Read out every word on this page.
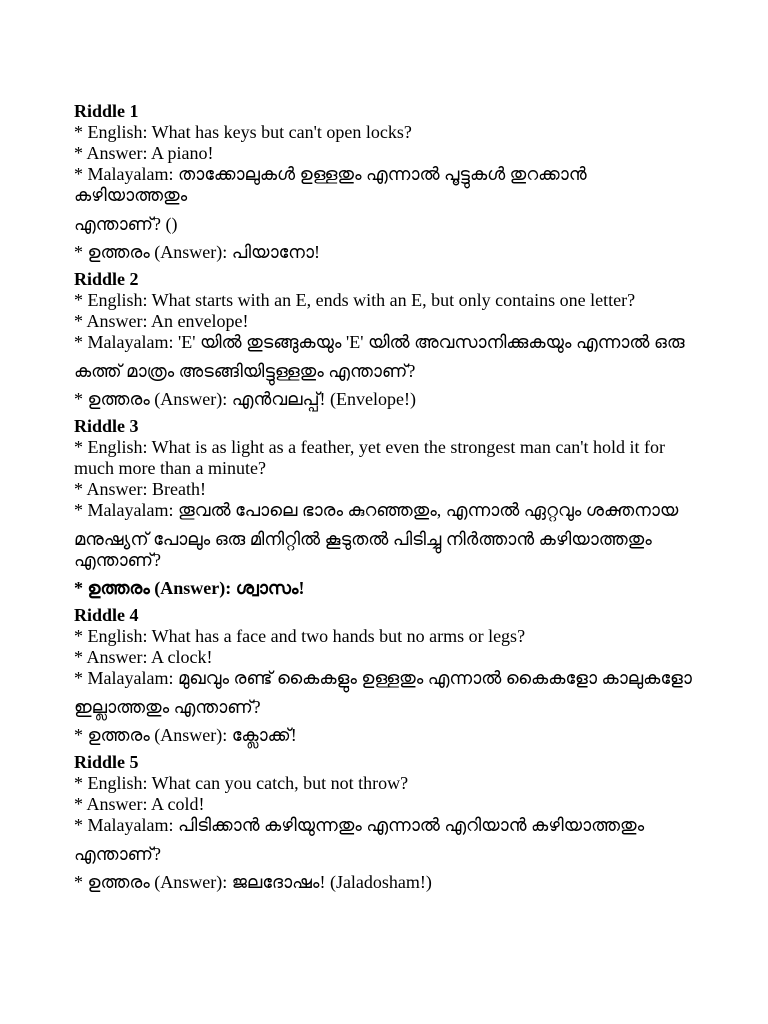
Riddle 1

* English: What has keys but can't open locks?

* Answer: A piano!

* Malayalam: താക്കോലുകൾ ഉള്ളതും എന്നാൽ പൂട്ടുകൾ തുറക്കാൻ കഴിയാത്തതും

എന്താണ്? ()

* ഉത്തരം (Answer): പിയാനോ!

Riddle 2

* English: What starts with an E, ends with an E, but only contains one letter?

* Answer: An envelope!

* Malayalam: 'E' യിൽ തുടങ്ങുകയും 'E' യിൽ അവസാനിക്കുകയും എന്നാൽ ഒരു

കത്ത് മാത്രം അടങ്ങിയിട്ടുള്ളതും എന്താണ്?

* ഉത്തരം (Answer): എൻവലപ്പ്! (Envelope!)

Riddle 3

* English: What is as light as a feather, yet even the strongest man can't hold it for much more than a minute?

* Answer: Breath!

* Malayalam: തൂവൽ പോലെ ഭാരം കുറഞ്ഞതും, എന്നാൽ ഏറ്റവും ശക്തനായ

മനുഷ്യന് പോലും ഒരു മിനിറ്റിൽ കൂടുതൽ പിടിച്ചു നിർത്താൻ കഴിയാത്തതും എന്താണ്?

* ഉത്തരം (Answer): ശ്വാസം!

Riddle 4

* English: What has a face and two hands but no arms or legs?

* Answer: A clock!

* Malayalam: മുഖവും രണ്ട് കൈകളും ഉള്ളതും എന്നാൽ കൈകളോ കാലുകളോ

ഇല്ലാത്തതും എന്താണ്?

* ഉത്തരം (Answer): ക്ലോക്ക്!

Riddle 5

* English: What can you catch, but not throw?

* Answer: A cold!

* Malayalam: പിടിക്കാൻ കഴിയുന്നതും എന്നാൽ എറിയാൻ കഴിയാത്തതും

എന്താണ്?

* ഉത്തരം (Answer): ജലദോഷം! (Jaladosham!)
